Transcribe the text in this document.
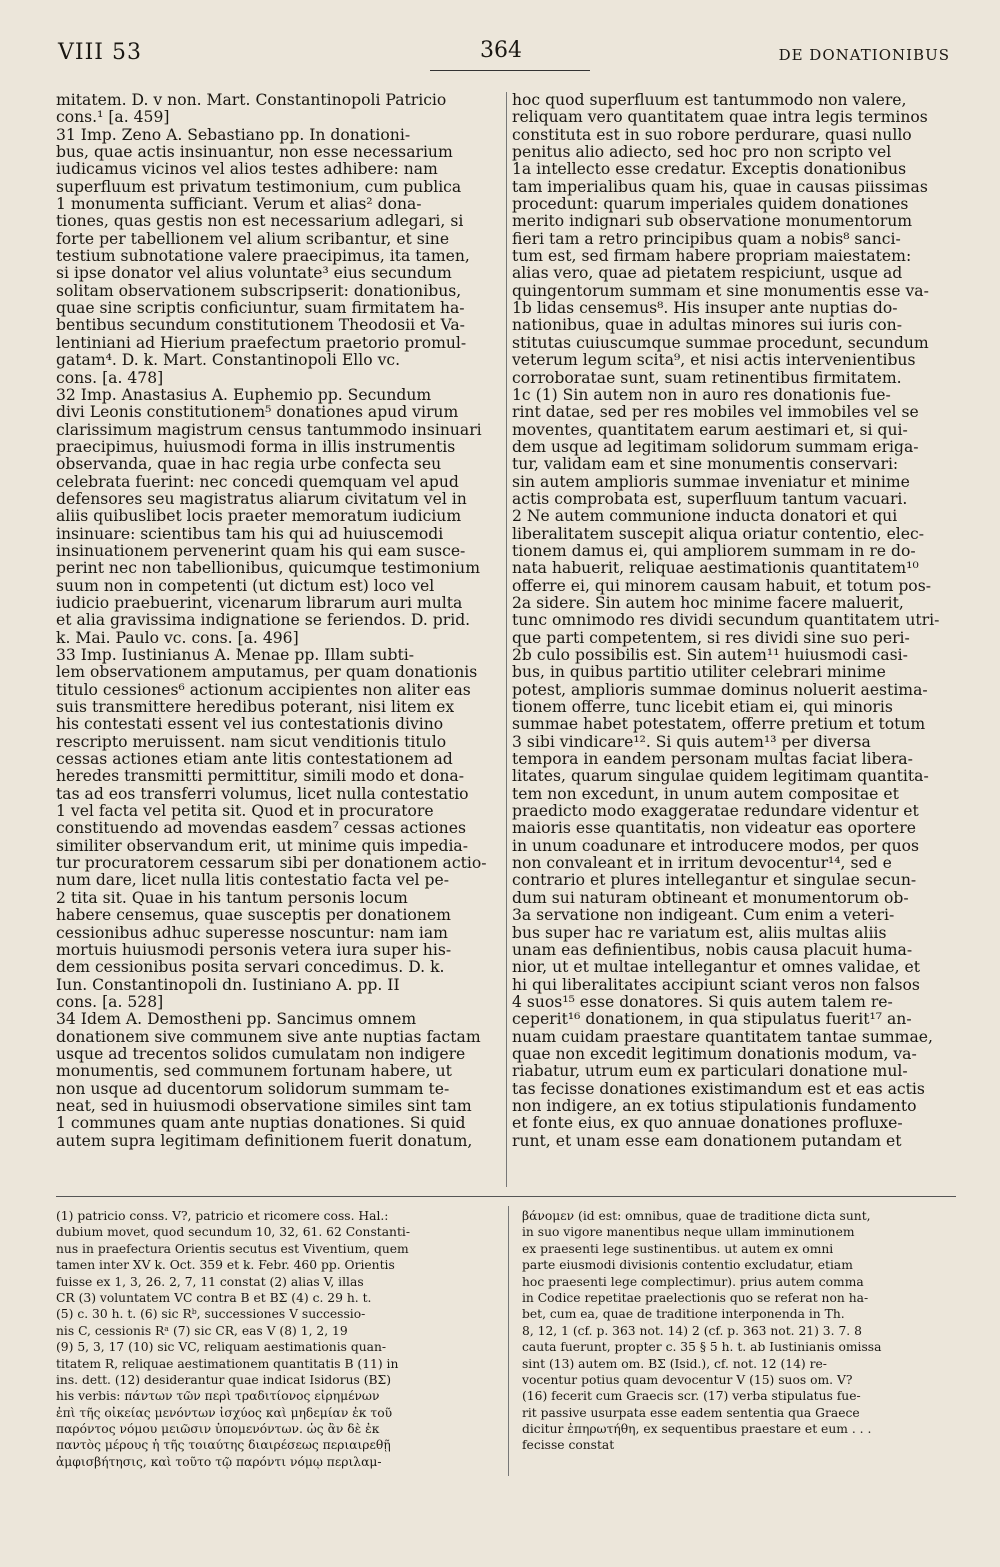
VIII 53	364	DE DONATIONIBUS
mitatem. D. v non. Mart. Constantinopoli Patricio
cons.¹ [a. 459]
31 Imp. Zeno A. Sebastiano pp. In donationi-
bus, quae actis insinuantur, non esse necessarium
iudicamus vicinos vel alios testes adhibere: nam
superfluum est privatum testimonium, cum publica
1 monumenta sufficiant. Verum et alias² dona-
tiones, quas gestis non est necessarium adlegari, si
forte per tabellionem vel alium scribantur, et sine
testium subnotatione valere praecipimus, ita tamen,
si ipse donator vel alius voluntate³ eius secundum
solitam observationem subscripserit: donationibus,
quae sine scriptis conficiuntur, suam firmitatem ha-
bentibus secundum constitutionem Theodosii et Va-
lentiniani ad Hierium praefectum praetorio promul-
gatam⁴. D. k. Mart. Constantinopoli Ello vc.
cons. [a. 478]
32 Imp. Anastasius A. Euphemio pp. Secundum
divi Leonis constitutionem⁵ donationes apud virum
clarissimum magistrum census tantummodo insinuari
praecipimus, huiusmodi forma in illis instrumentis
observanda, quae in hac regia urbe confecta seu
celebrata fuerint: nec concedi quemquam vel apud
defensores seu magistratus aliarum civitatum vel in
aliis quibuslibet locis praeter memoratum iudicium
insinuare: scientibus tam his qui ad huiuscemodi
insinuationem pervenerint quam his qui eam susce-
perint nec non tabellionibus, quicumque testimonium
suum non in competenti (ut dictum est) loco vel
iudicio praebuerint, vicenarum librarum auri multa
et alia gravissima indignatione se feriendos. D. prid.
k. Mai. Paulo vc. cons. [a. 496]
33 Imp. Iustinianus A. Menae pp. Illam subti-
lem observationem amputamus, per quam donationis
titulo cessiones⁶ actionum accipientes non aliter eas
suis transmittere heredibus poterant, nisi litem ex
his contestati essent vel ius contestationis divino
rescripto meruissent. nam sicut venditionis titulo
cessas actiones etiam ante litis contestationem ad
heredes transmitti permittitur, simili modo et dona-
tas ad eos transferri volumus, licet nulla contestatio
1 vel facta vel petita sit. Quod et in procuratore
constituendo ad movendas easdem⁷ cessas actiones
similiter observandum erit, ut minime quis impedia-
tur procuratorem cessarum sibi per donationem actio-
num dare, licet nulla litis contestatio facta vel pe-
2 tita sit. Quae in his tantum personis locum
habere censemus, quae susceptis per donationem
cessionibus adhuc superesse noscuntur: nam iam
mortuis huiusmodi personis vetera iura super his-
dem cessionibus posita servari concedimus. D. k.
Iun. Constantinopoli dn. Iustiniano A. pp. II
cons. [a. 528]
34 Idem A. Demostheni pp. Sancimus omnem
donationem sive communem sive ante nuptias factam
usque ad trecentos solidos cumulatam non indigere
monumentis, sed communem fortunam habere, ut
non usque ad ducentorum solidorum summam te-
neat, sed in huiusmodi observatione similes sint tam
1 communes quam ante nuptias donationes. Si quid
autem supra legitimam definitionem fuerit donatum,
hoc quod superfluum est tantummodo non valere,
reliquam vero quantitatem quae intra legis terminos
constituta est in suo robore perdurare, quasi nullo
penitus alio adiecto, sed hoc pro non scripto vel
1a intellecto esse credatur. Exceptis donationibus
tam imperialibus quam his, quae in causas piissimas
procedunt: quarum imperiales quidem donationes
merito indignari sub observatione monumentorum
fieri tam a retro principibus quam a nobis⁸ sanci-
tum est, sed firmam habere propriam maiestatem:
alias vero, quae ad pietatem respiciunt, usque ad
quingentorum summam et sine monumentis esse va-
1b lidas censemus⁸. His insuper ante nuptias do-
nationibus, quae in adultas minores sui iuris con-
stitutas cuiuscumque summae procedunt, secundum
veterum legum scita⁹, et nisi actis intervenientibus
corroboratae sunt, suam retinentibus firmitatem.
1c (1) Sin autem non in auro res donationis fue-
rint datae, sed per res mobiles vel immobiles vel se
moventes, quantitatem earum aestimari et, si qui-
dem usque ad legitimam solidorum summam eriga-
tur, validam eam et sine monumentis conservari:
sin autem amplioris summae inveniatur et minime
actis comprobata est, superfluum tantum vacuari.
2 Ne autem communione inducta donatori et qui
liberalitatem suscepit aliqua oriatur contentio, elec-
tionem damus ei, qui ampliorem summam in re do-
nata habuerit, reliquae aestimationis quantitatem¹⁰
offerre ei, qui minorem causam habuit, et totum pos-
2a sidere. Sin autem hoc minime facere maluerit,
tunc omnimodo res dividi secundum quantitatem utri-
que parti competentem, si res dividi sine suo peri-
2b culo possibilis est. Sin autem¹¹ huiusmodi casi-
bus, in quibus partitio utiliter celebrari minime
potest, amplioris summae dominus noluerit aestima-
tionem offerre, tunc licebit etiam ei, qui minoris
summae habet potestatem, offerre pretium et totum
3 sibi vindicare¹². Si quis autem¹³ per diversa
tempora in eandem personam multas faciat libera-
litates, quarum singulae quidem legitimam quantita-
tem non excedunt, in unum autem compositae et
praedicto modo exaggeratae redundare videntur et
maioris esse quantitatis, non videatur eas oportere
in unum coadunare et introducere modos, per quos
non convaleant et in irritum devocentur¹⁴, sed e
contrario et plures intellegantur et singulae secun-
dum sui naturam obtineant et monumentorum ob-
3a servatione non indigeant. Cum enim a veteri-
bus super hac re variatum est, aliis multas aliis
unam eas definientibus, nobis causa placuit huma-
nior, ut et multae intellegantur et omnes validae, et
hi qui liberalitates accipiunt sciant veros non falsos
4 suos¹⁵ esse donatores. Si quis autem talem re-
ceperit¹⁶ donationem, in qua stipulatus fuerit¹⁷ an-
nuam cuidam praestare quantitatem tantae summae,
quae non excedit legitimum donationis modum, va-
riabatur, utrum eum ex particulari donatione mul-
tas fecisse donationes existimandum est et eas actis
non indigere, an ex totius stipulationis fundamento
et fonte eius, ex quo annuae donationes profluxe-
runt, et unam esse eam donationem putandam et
(1) patricio conss. V?, patricio et ricomere coss. Hal.:
dubium movet, quod secundum 10, 32, 61. 62 Constanti-
nus in praefectura Orientis secutus est Viventium, quem
tamen inter XV k. Oct. 359 et k. Febr. 460 pp. Orientis
fuisse ex 1, 3, 26. 2, 7, 11 constat (2) alias V, illas
CR (3) voluntatem VC contra B et BΣ (4) c. 29 h. t.
(5) c. 30 h. t. (6) sic Rᵇ, successiones V successio-
nis C, cessionis Rᵃ (7) sic CR, eas V (8) 1, 2, 19
(9) 5, 3, 17 (10) sic VC, reliquam aestimationis quan-
titatem R, reliquae aestimationem quantitatis B (11) in
ins. dett. (12) desiderantur quae indicat Isidorus (BΣ)
his verbis: πάντων τῶν περὶ τραδιτίονος εἰρημένων
ἐπὶ τῆς οἰκείας μενόντων ἰσχύος καὶ μηδεμίαν ἐκ τοῦ
παρόντος νόμου μειῶσιν ὑπομενόντων. ὡς ἂν δὲ ἐκ
παντὸς μέρους ἡ τῆς τοιαύτης διαιρέσεως περιαιρεθῇ
ἀμφισβήτησις, καὶ τοῦτο τῷ παρόντι νόμῳ περιλαμ-
βάνομεν (id est: omnibus, quae de traditione dicta sunt,
in suo vigore manentibus neque ullam imminutionem
ex praesenti lege sustinentibus. ut autem ex omni
parte eiusmodi divisionis contentio excludatur, etiam
hoc praesenti lege complectimur). prius autem comma
in Codice repetitae praelectionis quo se referat non ha-
bet, cum ea, quae de traditione interponenda in Th.
8, 12, 1 (cf. p. 363 not. 14) 2 (cf. p. 363 not. 21) 3. 7. 8
cauta fuerunt, propter c. 35 § 5 h. t. ab Iustinianis omissa
sint (13) autem om. BΣ (Isid.), cf. not. 12 (14) re-
vocentur potius quam devocentur V (15) suos om. V?
(16) fecerit cum Graecis scr. (17) verba stipulatus fue-
rit passive usurpata esse eadem sententia qua Graece
dicitur ἐπηρωτήθη, ex sequentibus praestare et eum . . .
fecisse constat
